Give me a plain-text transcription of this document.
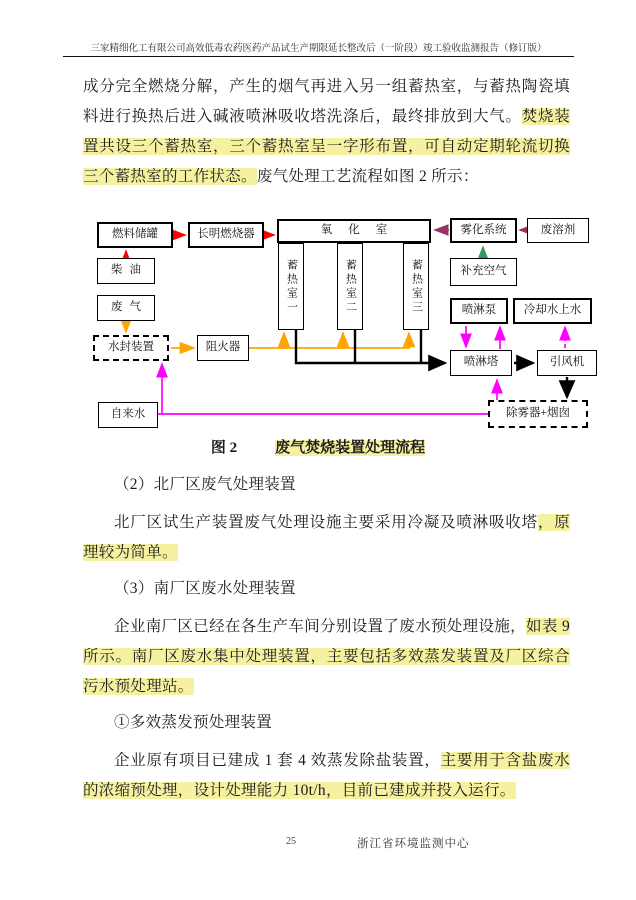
三家精细化工有限公司高效低毒农药医药产品试生产期限延长整改后（一阶段）竣工验收监测报告（修订版）

成分完全燃烧分解，产生的烟气再进入另一组蓄热室，与蓄热陶瓷填料进行换热后进入碱液喷淋吸收塔洗涤后，最终排放到大气。焚烧装置共设三个蓄热室，三个蓄热室呈一字形布置，可自动定期轮流切换三个蓄热室的工作状态。废气处理工艺流程如图 2 所示：

燃料储罐	长明燃烧器	氧化室
蓄热室一	蓄热室二	蓄热室三
柴油
废气
雾化系统	废溶剂
补充空气
喷淋泵	冷却水上水
水封装置	阻火器
自来水
喷淋塔	引风机
除雾器+烟囱
图 2	废气焚烧装置处理流程

（2）北厂区废气处理装置

北厂区试生产装置废气处理设施主要采用冷凝及喷淋吸收塔，原理较为简单。

（3）南厂区废水处理装置

企业南厂区已经在各生产车间分别设置了废水预处理设施，如表 9 所示。南厂区废水集中处理装置，主要包括多效蒸发装置及厂区综合污水预处理站。

①多效蒸发预处理装置

企业原有项目已建成 1 套 4 效蒸发除盐装置，主要用于含盐废水的浓缩预处理，设计处理能力 10t/h，目前已建成并投入运行。

25	浙江省环境监测中心
